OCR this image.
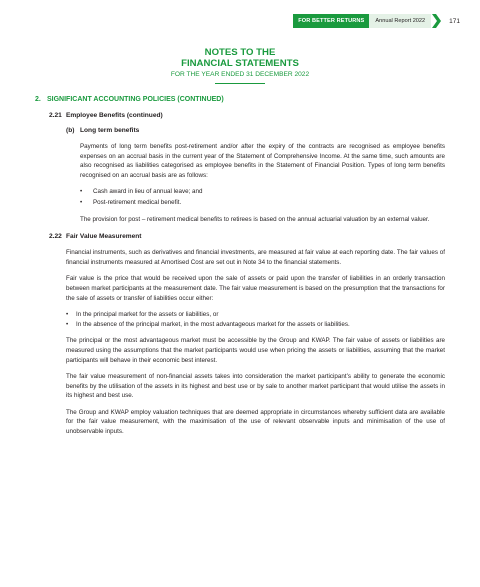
FOR BETTER RETURNS	Annual Report 2022	171
NOTES TO THE
FINANCIAL STATEMENTS
FOR THE YEAR ENDED 31 DECEMBER 2022
2. SIGNIFICANT ACCOUNTING POLICIES (CONTINUED)
2.21 Employee Benefits (continued)
(b) Long term benefits

Payments of long term benefits post-retirement and/or after the expiry of the contracts are recognised as employee benefits expenses on an accrual basis in the current year of the Statement of Comprehensive Income. At the same time, such amounts are also recognised as liabilities categorised as employee benefits in the Statement of Financial Position. Types of long term benefits recognised on an accrual basis are as follows:

• Cash award in lieu of annual leave; and
• Post-retirement medical benefit.

The provision for post – retirement medical benefits to retirees is based on the annual actuarial valuation by an external valuer.

2.22 Fair Value Measurement

Financial instruments, such as derivatives and financial investments, are measured at fair value at each reporting date. The fair values of financial instruments measured at Amortised Cost are set out in Note 34 to the financial statements.

Fair value is the price that would be received upon the sale of assets or paid upon the transfer of liabilities in an orderly transaction between market participants at the measurement date. The fair value measurement is based on the presumption that the transactions for the sale of assets or transfer of liabilities occur either:

• In the principal market for the assets or liabilities, or
• In the absence of the principal market, in the most advantageous market for the assets or liabilities.

The principal or the most advantageous market must be accessible by the Group and KWAP. The fair value of assets or liabilities are measured using the assumptions that the market participants would use when pricing the assets or liabilities, assuming that the market participants will behave in their economic best interest.

The fair value measurement of non-financial assets takes into consideration the market participant’s ability to generate the economic benefits by the utilisation of the assets in its highest and best use or by sale to another market participant that would utilise the assets in its highest and best use.

The Group and KWAP employ valuation techniques that are deemed appropriate in circumstances whereby sufficient data are available for the fair value measurement, with the maximisation of the use of relevant observable inputs and minimisation of the use of unobservable inputs.
